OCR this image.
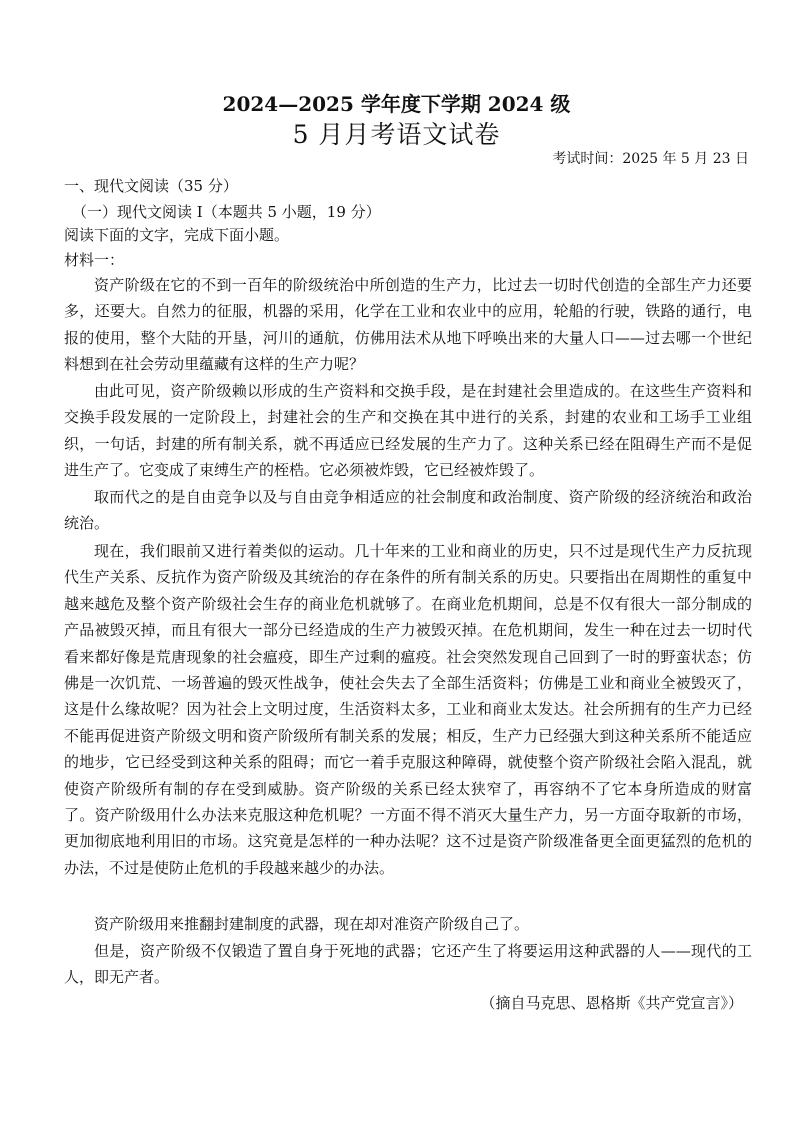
2024—2025 学年度下学期 2024 级
5 月月考语文试卷
考试时间：2025 年 5 月 23 日
一、现代文阅读（35 分）
（一）现代文阅读 I（本题共 5 小题，19 分）
阅读下面的文字，完成下面小题。
材料一：

资产阶级在它的不到一百年的阶级统治中所创造的生产力，比过去一切时代创造的全部生产力还要多，还要大。自然力的征服，机器的采用，化学在工业和农业中的应用，轮船的行驶，铁路的通行，电报的使用，整个大陆的开垦，河川的通航，仿佛用法术从地下呼唤出来的大量人口——过去哪一个世纪料想到在社会劳动里蕴藏有这样的生产力呢？

由此可见，资产阶级赖以形成的生产资料和交换手段，是在封建社会里造成的。在这些生产资料和交换手段发展的一定阶段上，封建社会的生产和交换在其中进行的关系，封建的农业和工场手工业组织，一句话，封建的所有制关系，就不再适应已经发展的生产力了。这种关系已经在阻碍生产而不是促进生产了。它变成了束缚生产的桎梏。它必须被炸毁，它已经被炸毁了。

取而代之的是自由竞争以及与自由竞争相适应的社会制度和政治制度、资产阶级的经济统治和政治统治。

现在，我们眼前又进行着类似的运动。几十年来的工业和商业的历史，只不过是现代生产力反抗现代生产关系、反抗作为资产阶级及其统治的存在条件的所有制关系的历史。只要指出在周期性的重复中越来越危及整个资产阶级社会生存的商业危机就够了。在商业危机期间，总是不仅有很大一部分制成的产品被毁灭掉，而且有很大一部分已经造成的生产力被毁灭掉。在危机期间，发生一种在过去一切时代看来都好像是荒唐现象的社会瘟疫，即生产过剩的瘟疫。社会突然发现自己回到了一时的野蛮状态；仿佛是一次饥荒、一场普遍的毁灭性战争，使社会失去了全部生活资料；仿佛是工业和商业全被毁灭了，这是什么缘故呢？因为社会上文明过度，生活资料太多，工业和商业太发达。社会所拥有的生产力已经不能再促进资产阶级文明和资产阶级所有制关系的发展；相反，生产力已经强大到这种关系所不能适应的地步，它已经受到这种关系的阻碍；而它一着手克服这种障碍，就使整个资产阶级社会陷入混乱，就使资产阶级所有制的存在受到威胁。资产阶级的关系已经太狭窄了，再容纳不了它本身所造成的财富了。资产阶级用什么办法来克服这种危机呢？一方面不得不消灭大量生产力，另一方面夺取新的市场，更加彻底地利用旧的市场。这究竟是怎样的一种办法呢？这不过是资产阶级准备更全面更猛烈的危机的办法，不过是使防止危机的手段越来越少的办法。

资产阶级用来推翻封建制度的武器，现在却对准资产阶级自己了。

但是，资产阶级不仅锻造了置自身于死地的武器；它还产生了将要运用这种武器的人——现代的工人，即无产者。

（摘自马克思、恩格斯《共产党宣言》）
